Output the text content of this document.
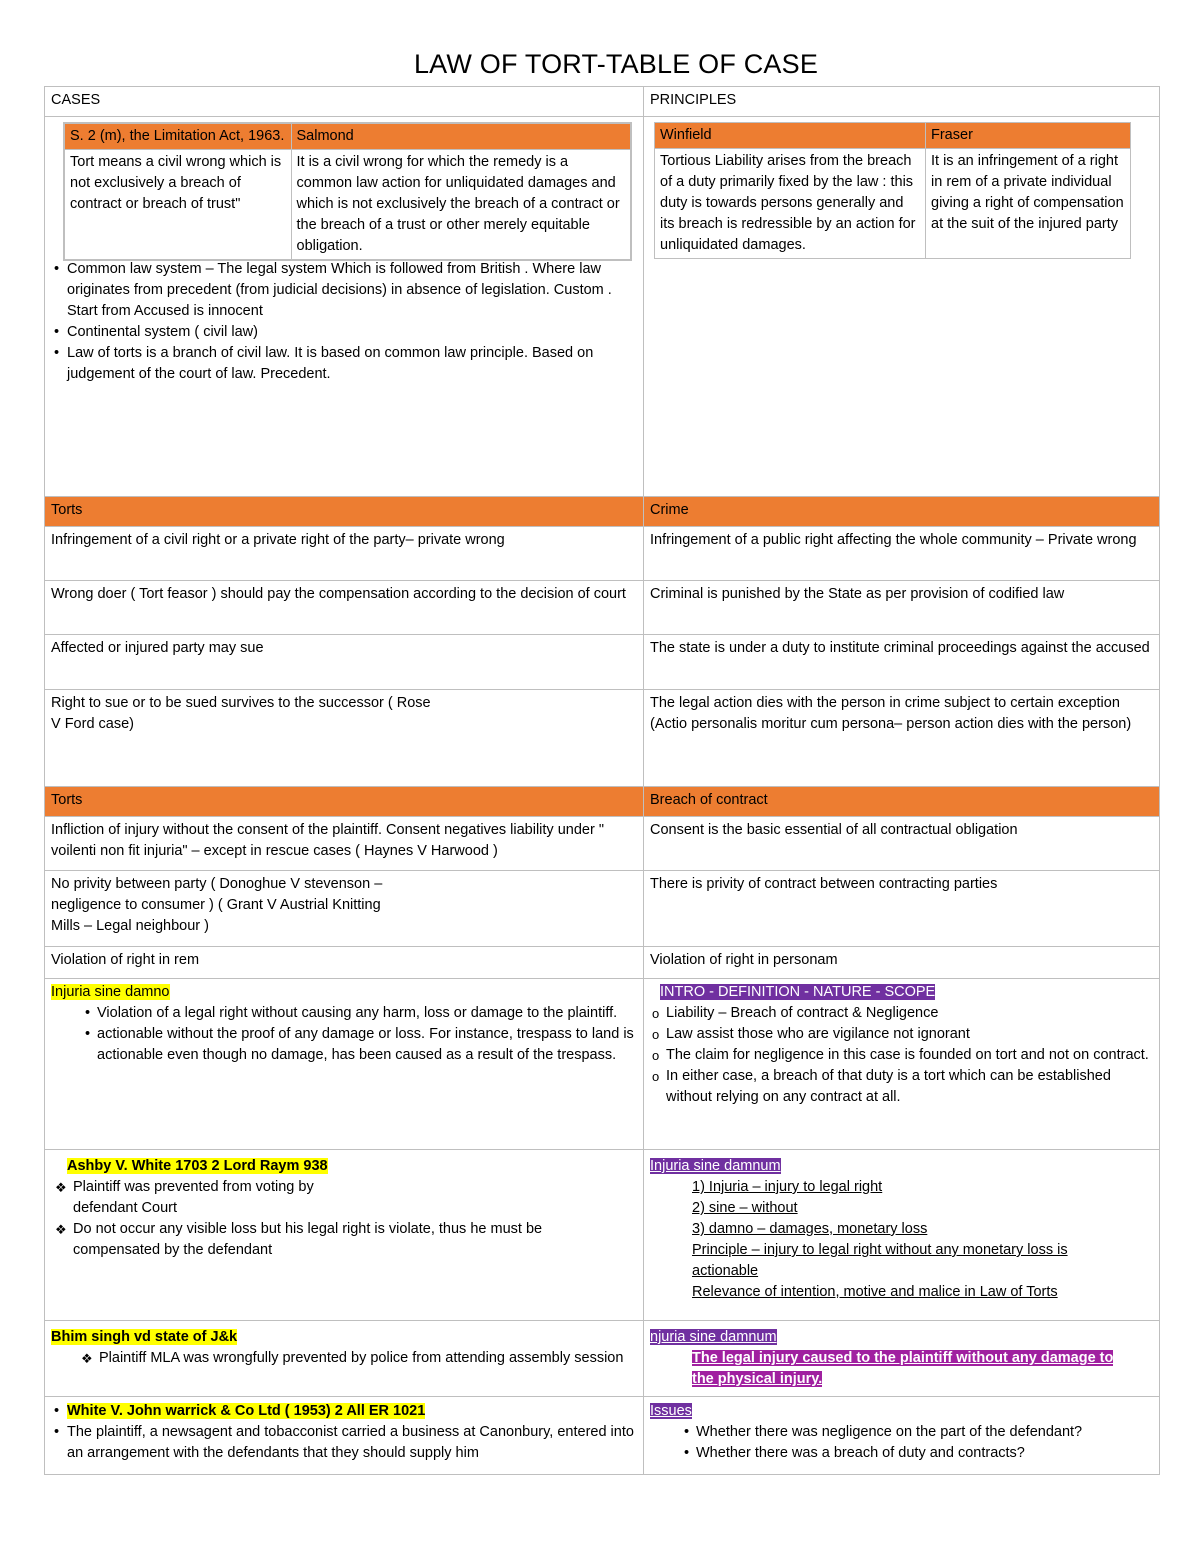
LAW OF TORT-TABLE OF CASE
CASES	PRINCIPLES

S. 2 (m), the Limitation Act, 1963.	Salmond
Tort means a civil wrong which is not exclusively a breach of contract or breach of trust"	It is a civil wrong for which the remedy is a common law action for unliquidated damages and which is not exclusively the breach of a contract or the breach of a trust or other merely equitable obligation.
• Common law system – The legal system Which is followed from British . Where law originates from precedent (from judicial decisions) in absence of legislation. Custom . Start from Accused is innocent
• Continental system ( civil law)
• Law of torts is a branch of civil law. It is based on common law principle. Based on judgement of the court of law. Precedent.

Winfield	Fraser
Tortious Liability arises from the breach of a duty primarily fixed by the law : this duty is towards persons generally and its breach is redressible by an action for unliquidated damages.	It is an infringement of a right in rem of a private individual giving a right of compensation at the suit of the injured party

Torts	Crime
Infringement of a civil right or a private right of the party– private wrong	Infringement of a public right affecting the whole community – Private wrong
Wrong doer ( Tort feasor ) should pay the compensation according to the decision of court	Criminal is punished by the State as per provision of codified law
Affected or injured party may sue	The state is under a duty to institute criminal proceedings against the accused
Right to sue or to be sued survives to the successor ( Rose V Ford case)	The legal action dies with the person in crime subject to certain exception (Actio personalis moritur cum persona– person action dies with the person)
Torts	Breach of contract
Infliction of injury without the consent of the plaintiff. Consent negatives liability under " voilenti non fit injuria" – except in rescue cases ( Haynes V Harwood )	Consent is the basic essential of all contractual obligation
No privity between party ( Donoghue V stevenson – negligence to consumer ) ( Grant V Austrial Knitting Mills – Legal neighbour )	There is privity of contract between contracting parties
Violation of right in rem	Violation of right in personam
Injuria sine damno
• Violation of a legal right without causing any harm, loss or damage to the plaintiff.
• actionable without the proof of any damage or loss. For instance, trespass to land is actionable even though no damage, has been caused as a result of the trespass.
	INTRO - DEFINITION - NATURE - SCOPE
o Liability – Breach of contract & Negligence
o Law assist those who are vigilance not ignorant
o The claim for negligence in this case is founded on tort and not on contract.
o In either case, a breach of that duty is a tort which can be established without relying on any contract at all.

Ashby V. White 1703 2 Lord Raym 938
❖ Plaintiff was prevented from voting by defendant Court
❖ Do not occur any visible loss but his legal right is violate, thus he must be compensated by the defendant
	Injuria sine damnum
1) Injuria – injury to legal right
2) sine – without
3) damno – damages, monetary loss
Principle – injury to legal right without any monetary loss is actionable
Relevance of intention, motive and malice in Law of Torts

Bhim singh vd state of J&k
❖ Plaintiff MLA was wrongfully prevented by police from attending assembly session
	njuria sine damnum
The legal injury caused to the plaintiff without any damage to the physical injury.

• White V. John warrick & Co Ltd ( 1953) 2 All ER 1021
• The plaintiff, a newsagent and tobacconist carried a business at Canonbury, entered into an arrangement with the defendants that they should supply him
	Issues
• Whether there was negligence on the part of the defendant?
• Whether there was a breach of duty and contracts?
